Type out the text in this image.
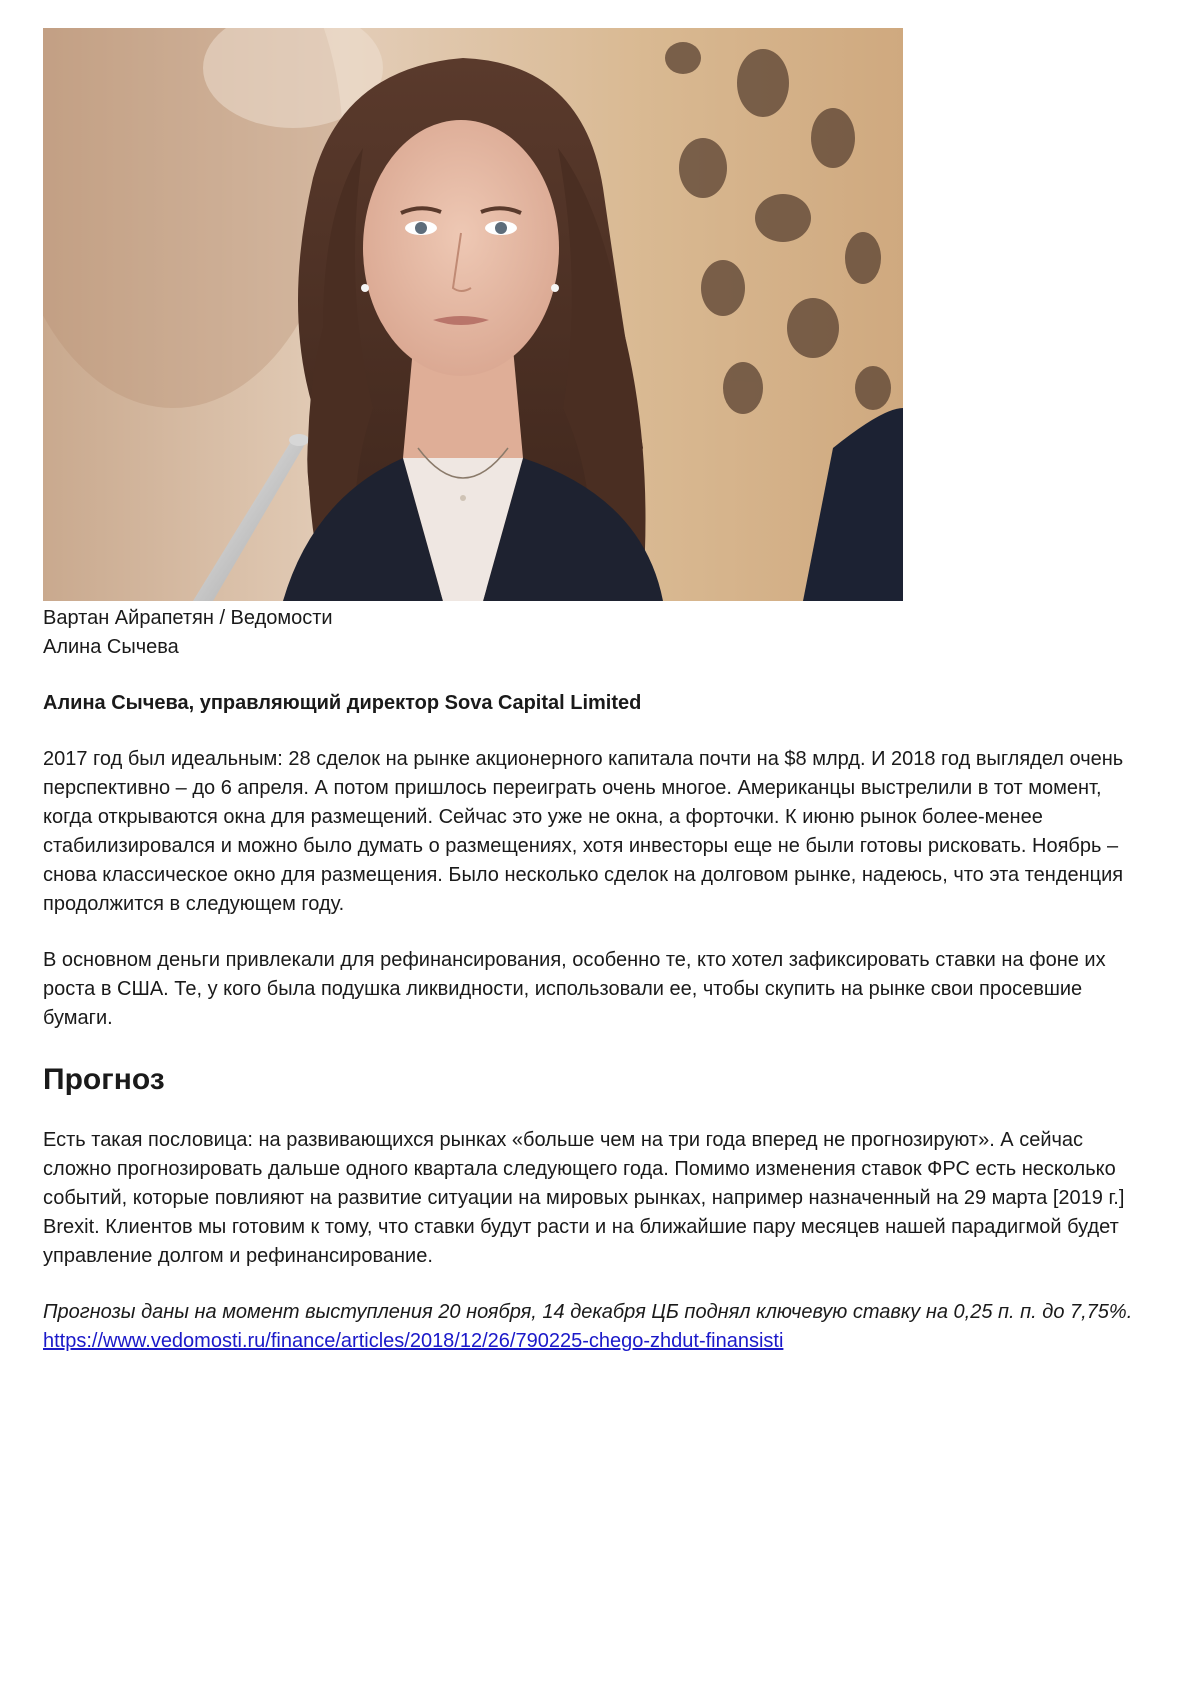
Вартан Айрапетян / Ведомости
Алина Сычева

Алина Сычева, управляющий директор Sova Capital Limited

2017 год был идеальным: 28 сделок на рынке акционерного капитала почти на $8 млрд. И 2018 год выглядел очень перспективно – до 6 апреля. А потом пришлось переиграть очень многое. Американцы выстрелили в тот момент, когда открываются окна для размещений. Сейчас это уже не окна, а форточки. К июню рынок более-менее стабилизировался и можно было думать о размещениях, хотя инвесторы еще не были готовы рисковать. Ноябрь – снова классическое окно для размещения. Было несколько сделок на долговом рынке, надеюсь, что эта тенденция продолжится в следующем году.

В основном деньги привлекали для рефинансирования, особенно те, кто хотел зафиксировать ставки на фоне их роста в США. Те, у кого была подушка ликвидности, использовали ее, чтобы скупить на рынке свои просевшие бумаги.

Прогноз

Есть такая пословица: на развивающихся рынках «больше чем на три года вперед не прогнозируют». А сейчас сложно прогнозировать дальше одного квартала следующего года. Помимо изменения ставок ФРС есть несколько событий, которые повлияют на развитие ситуации на мировых рынках, например назначенный на 29 марта [2019 г.] Brexit. Клиентов мы готовим к тому, что ставки будут расти и на ближайшие пару месяцев нашей парадигмой будет управление долгом и рефинансирование.

Прогнозы даны на момент выступления 20 ноября, 14 декабря ЦБ поднял ключевую ставку на 0,25 п. п. до 7,75%.

https://www.vedomosti.ru/finance/articles/2018/12/26/790225-chego-zhdut-finansisti
